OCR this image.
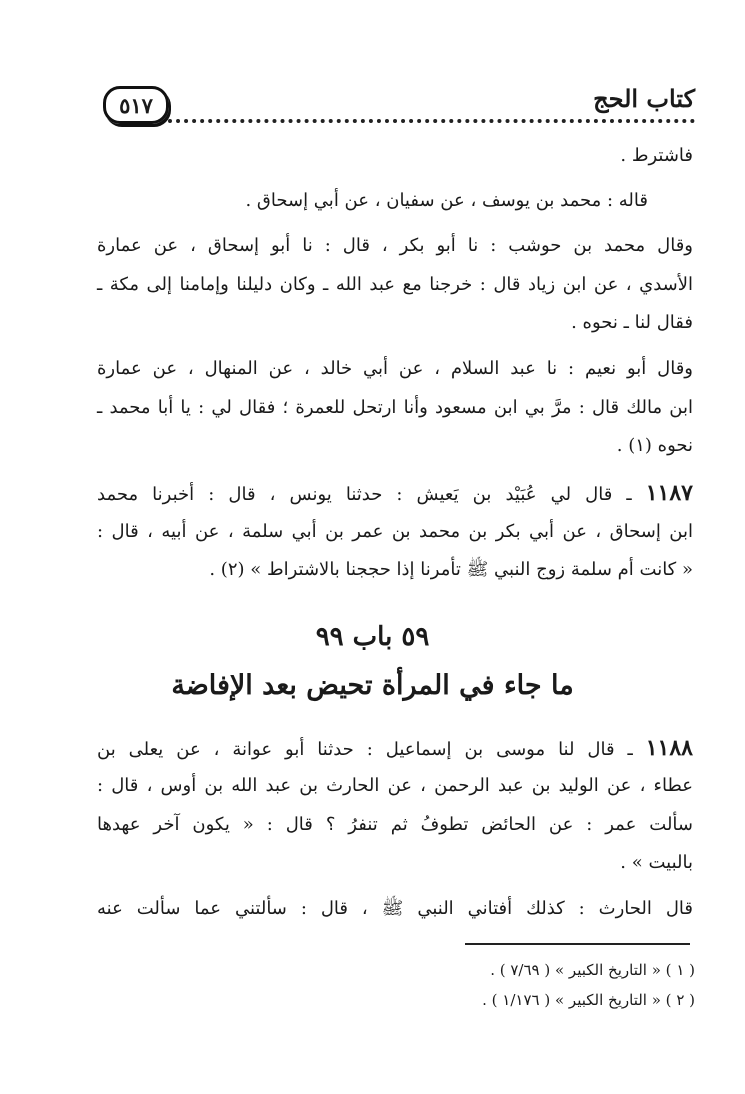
٥١٧	كتاب الحج
فاشترط .
قاله : محمد بن يوسف ، عن سفيان ، عن أبي إسحاق .
وقال محمد بن حوشب : نا أبو بكر ، قال : نا أبو إسحاق ، عن عمارة
الأسدي ، عن ابن زياد قال : خرجنا مع عبد الله ـ وكان دليلنا وإمامنا إلى مكة ـ
فقال لنا ـ نحوه .
وقال أبو نعيم : نا عبد السلام ، عن أبي خالد ، عن المنهال ، عن عمارة
ابن مالك قال : مرَّ بي ابن مسعود وأنا ارتحل للعمرة ؛ فقال لي : يا أبا محمد ـ
نحوه (١) .
١١٨٧ ـ قال لي عُبَيْد بن يَعيش : حدثنا يونس ، قال : أخبرنا محمد
ابن إسحاق ، عن أبي بكر بن محمد بن عمر بن أبي سلمة ، عن أبيه ، قال :
« كانت أم سلمة زوج النبي ﷺ تأمرنا إذا حججنا بالاشتراط » (٢) .
٥٩ باب ٩٩
ما جاء في المرأة تحيض بعد الإفاضة
١١٨٨ ـ قال لنا موسى بن إسماعيل : حدثنا أبو عوانة ، عن يعلى بن
عطاء ، عن الوليد بن عبد الرحمن ، عن الحارث بن عبد الله بن أوس ، قال :
سألت عمر : عن الحائض تطوفُ ثم تنفرُ ؟ قال : « يكون آخر عهدها
بالبيت » .
قال الحارث : كذلك أفتاني النبي ﷺ ، قال : سألتني عما سألت عنه
( ١ ) « التاريخ الكبير » ( ٧/٦٩ ) .
( ٢ ) « التاريخ الكبير » ( ١/١٧٦ ) .
